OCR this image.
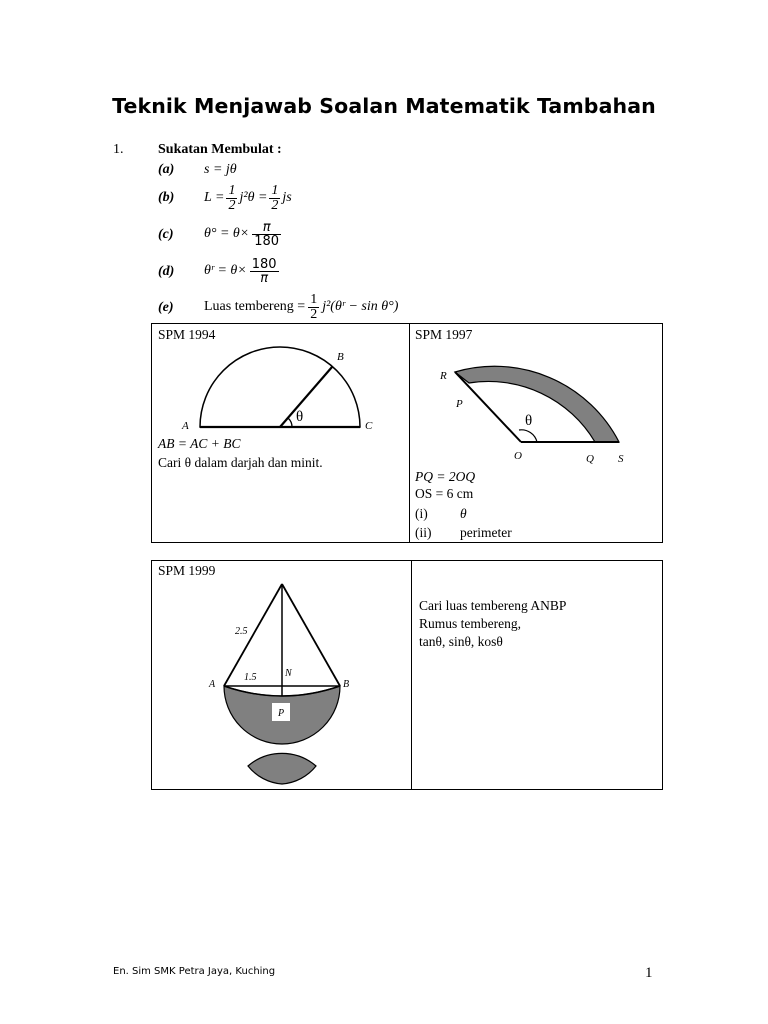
Teknik Menjawab Soalan Matematik Tambahan
1. Sukatan Membulat :
(a) s = jθ
(b) $L = \frac{1}{2} j^2\theta = \frac{1}{2}$ js
(c) $\theta^\circ = \theta\times \frac{\pi}{180}$
(d) θʳ = $\theta\times \frac{180}{\pi}$
(e) Luas tembereng = $\frac{1}{2}$ j²(θʳ − sin θ°)
SPM 1994
θ
A
B
C
AB = AC + BC
Cari θ dalam darjah dan minit.
SPM 1997
θ
R
P
O	Q S
PQ = 2OQ
OS = 6 cm
(i) θ
(ii) perimeter
SPM 1999
P
2.5
1.5
A	B
N
Cari luas tembereng ANBP
Rumus tembereng,
tanθ, sinθ, kosθ
En. Sim SMK Petra Jaya, Kuching	1
